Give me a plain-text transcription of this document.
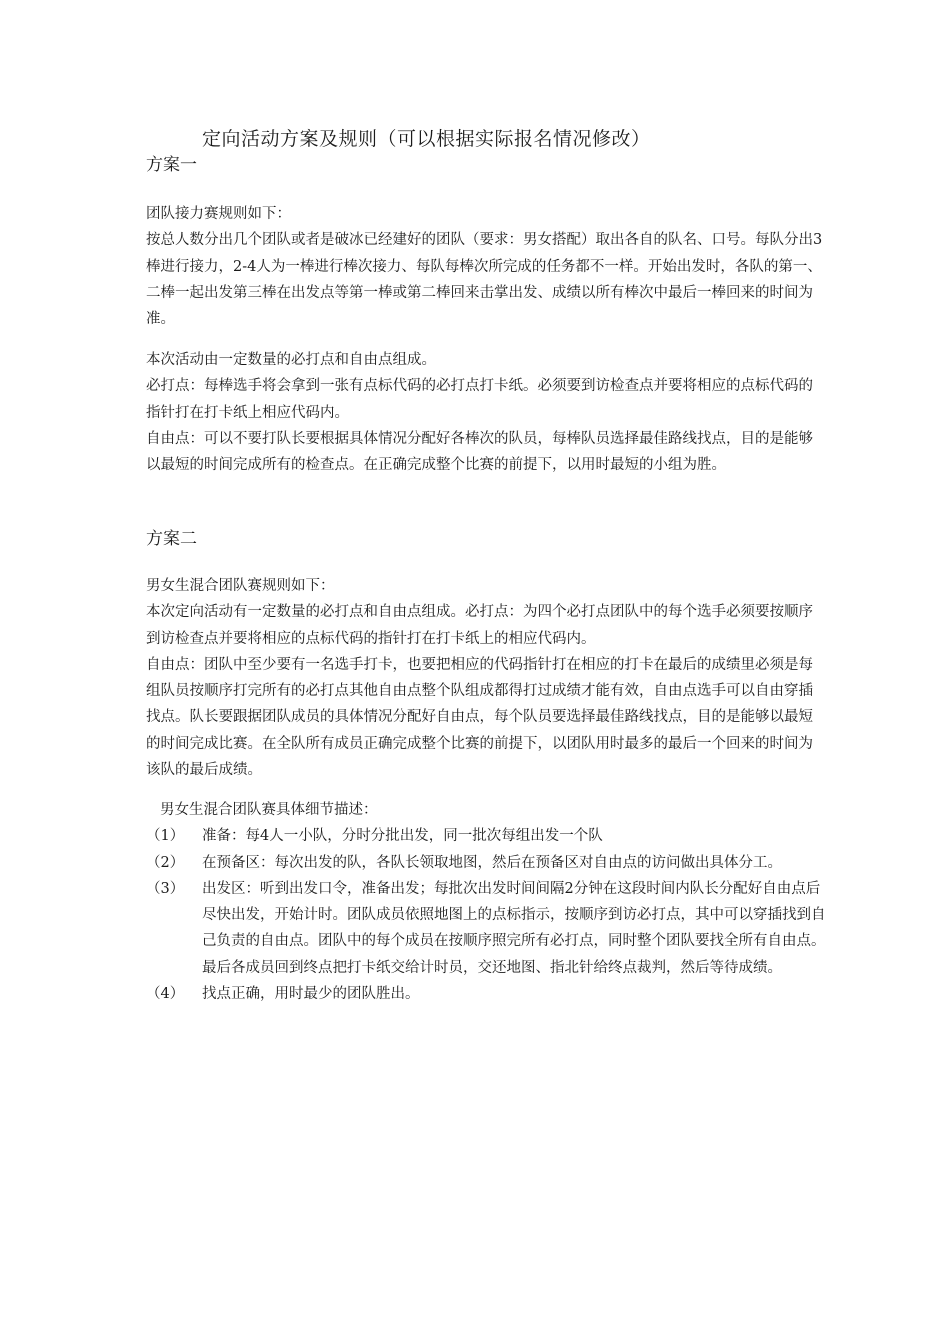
定向活动方案及规则（可以根据实际报名情况修改）
方案一

团队接力赛规则如下：

按总人数分出几个团队或者是破冰已经建好的团队（要求：男女搭配）取出各自的队名、口号。每队分出3棒进行接力，2-4人为一棒进行棒次接力、每队每棒次所完成的任务都不一样。开始出发时，各队的第一、二棒一起出发第三棒在出发点等第一棒或第二棒回来击掌出发、成绩以所有棒次中最后一棒回来的时间为准。

本次活动由一定数量的必打点和自由点组成。

必打点：每棒选手将会拿到一张有点标代码的必打点打卡纸。必须要到访检查点并要将相应的点标代码的指针打在打卡纸上相应代码内。

自由点：可以不要打队长要根据具体情况分配好各棒次的队员，每棒队员选择最佳路线找点，目的是能够以最短的时间完成所有的检查点。在正确完成整个比赛的前提下，以用时最短的小组为胜。

方案二

男女生混合团队赛规则如下：

本次定向活动有一定数量的必打点和自由点组成。必打点：为四个必打点团队中的每个选手必须要按顺序到访检查点并要将相应的点标代码的指针打在打卡纸上的相应代码内。

自由点：团队中至少要有一名选手打卡，也要把相应的代码指针打在相应的打卡在最后的成绩里必须是每组队员按顺序打完所有的必打点其他自由点整个队组成都得打过成绩才能有效，自由点选手可以自由穿插找点。队长要跟据团队成员的具体情况分配好自由点，每个队员要选择最佳路线找点，目的是能够以最短的时间完成比赛。在全队所有成员正确完成整个比赛的前提下，以团队用时最多的最后一个回来的时间为该队的最后成绩。

男女生混合团队赛具体细节描述：

（1）	准备：每4人一小队，分时分批出发，同一批次每组出发一个队
（2）	在预备区：每次出发的队，各队长领取地图，然后在预备区对自由点的访问做出具体分工。
（3）	出发区：听到出发口令，准备出发；每批次出发时间间隔2分钟在这段时间内队长分配好自由点后尽快出发，开始计时。团队成员依照地图上的点标指示，按顺序到访必打点，其中可以穿插找到自己负责的自由点。团队中的每个成员在按顺序照完所有必打点，同时整个团队要找全所有自由点。最后各成员回到终点把打卡纸交给计时员，交还地图、指北针给终点裁判，然后等待成绩。
（4）	找点正确，用时最少的团队胜出。
